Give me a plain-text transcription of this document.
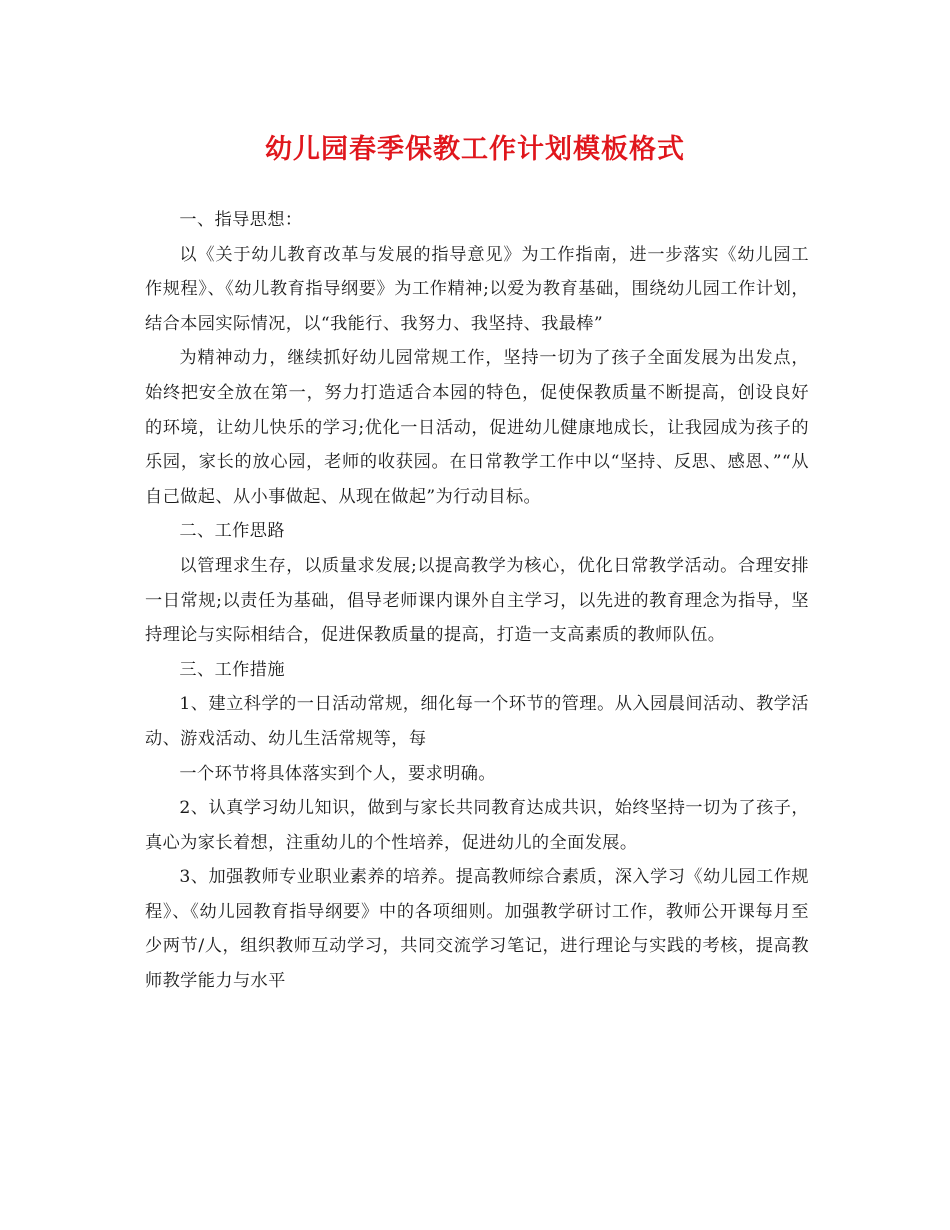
幼儿园春季保教工作计划模板格式

一、指导思想：

以《关于幼儿教育改革与发展的指导意见》为工作指南，进一步落实《幼儿园工作规程》、《幼儿教育指导纲要》为工作精神;以爱为教育基础，围绕幼儿园工作计划，结合本园实际情况，以“我能行、我努力、我坚持、我最棒”

为精神动力，继续抓好幼儿园常规工作，坚持一切为了孩子全面发展为出发点，始终把安全放在第一，努力打造适合本园的特色，促使保教质量不断提高，创设良好的环境，让幼儿快乐的学习;优化一日活动，促进幼儿健康地成长，让我园成为孩子的乐园，家长的放心园，老师的收获园。在日常教学工作中以“坚持、反思、感恩、”“从自己做起、从小事做起、从现在做起”为行动目标。

二、工作思路

以管理求生存，以质量求发展;以提高教学为核心，优化日常教学活动。合理安排一日常规;以责任为基础，倡导老师课内课外自主学习，以先进的教育理念为指导，坚持理论与实际相结合，促进保教质量的提高，打造一支高素质的教师队伍。

三、工作措施

1、建立科学的一日活动常规，细化每一个环节的管理。从入园晨间活动、教学活动、游戏活动、幼儿生活常规等，每

一个环节将具体落实到个人，要求明确。

2、认真学习幼儿知识，做到与家长共同教育达成共识，始终坚持一切为了孩子，真心为家长着想，注重幼儿的个性培养，促进幼儿的全面发展。

3、加强教师专业职业素养的培养。提高教师综合素质，深入学习《幼儿园工作规程》、《幼儿园教育指导纲要》中的各项细则。加强教学研讨工作，教师公开课每月至少两节/人，组织教师互动学习，共同交流学习笔记，进行理论与实践的考核，提高教师教学能力与水平
